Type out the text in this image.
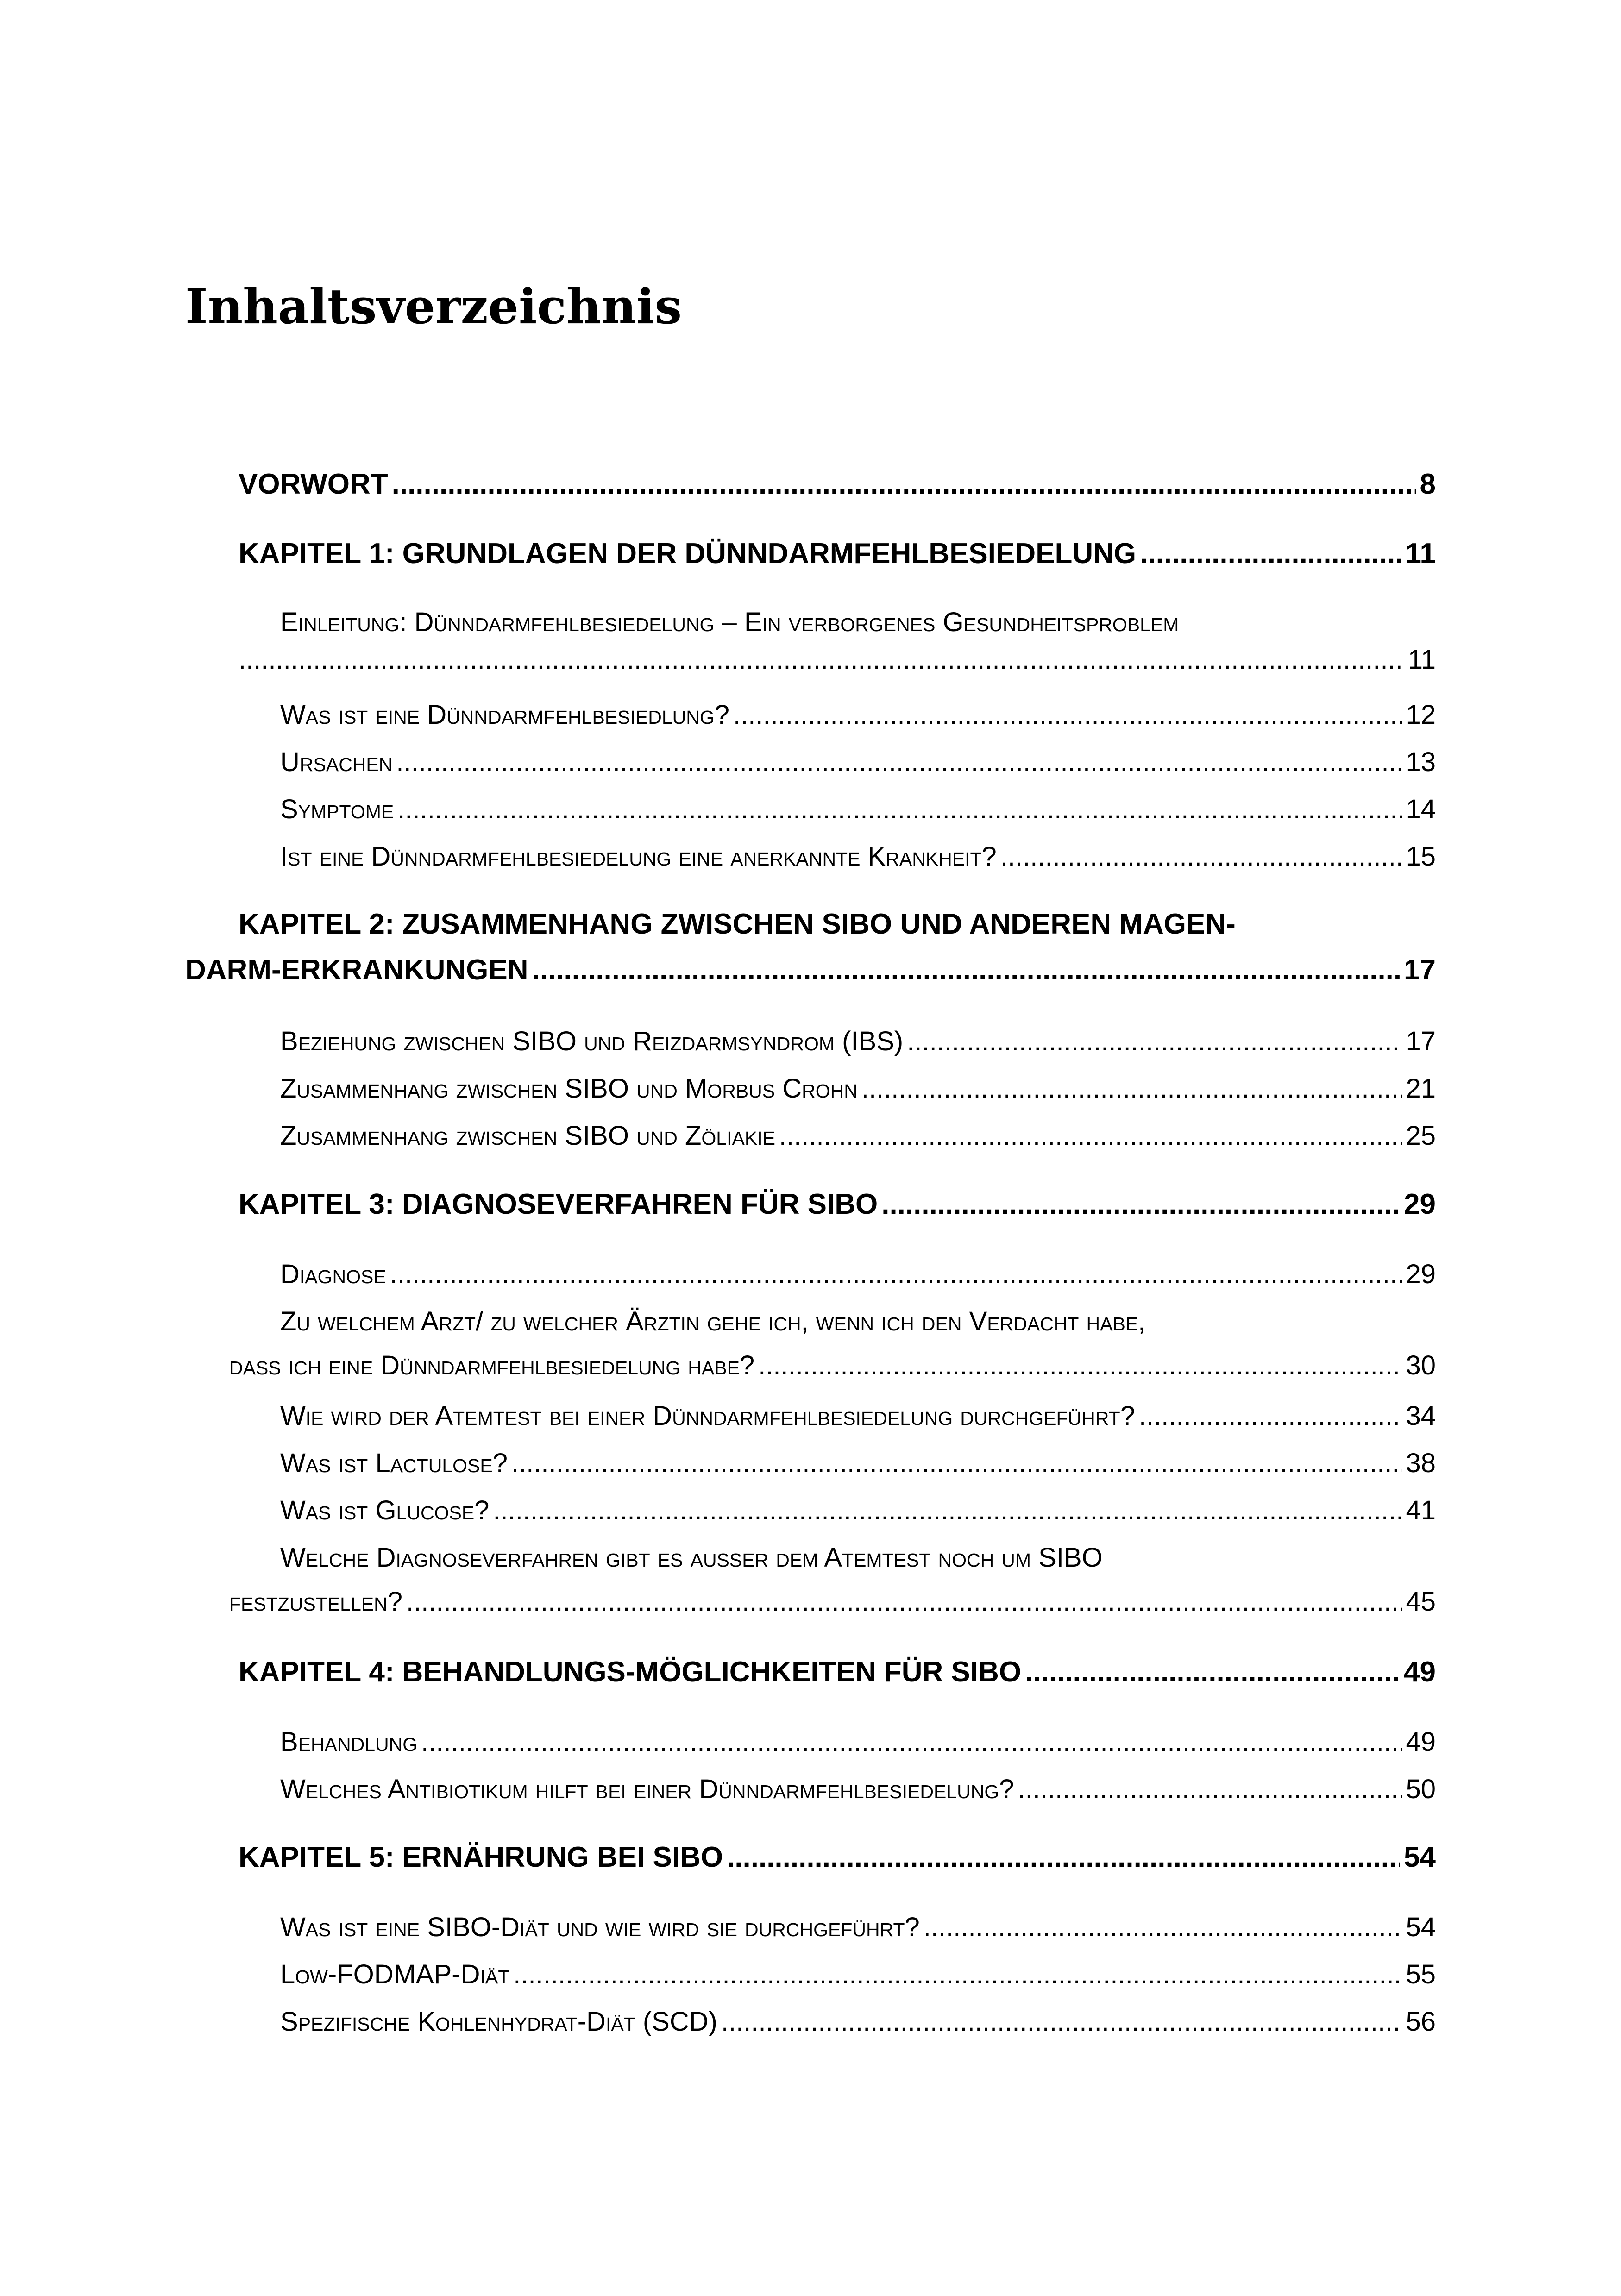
Inhaltsverzeichnis
VORWORT .....	8
KAPITEL 1: GRUNDLAGEN DER DÜNNDARMFEHLBESIEDELUNG .....	11
Einleitung: Dünndarmfehlbesiedelung – Ein verborgenes Gesundheitsproblem
.....
11
Was ist eine Dünndarmfehlbesiedlung? .....	12
Ursachen .....	13
Symptome .....	14
Ist eine Dünndarmfehlbesiedelung eine anerkannte Krankheit? .....	15
KAPITEL 2: ZUSAMMENHANG ZWISCHEN SIBO UND ANDEREN MAGEN-
DARM-ERKRANKUNGEN .....	17
Beziehung zwischen SIBO und Reizdarmsyndrom (IBS) .....	17
Zusammenhang zwischen SIBO und Morbus Crohn .....	21
Zusammenhang zwischen SIBO und Zöliakie .....	25
KAPITEL 3: DIAGNOSEVERFAHREN FÜR SIBO .....	29
Diagnose .....	29
Zu welchem Arzt/ zu welcher Ärztin gehe ich, wenn ich den Verdacht habe,
dass ich eine Dünndarmfehlbesiedelung habe? .....	30
Wie wird der Atemtest bei einer Dünndarmfehlbesiedelung durchgeführt? .....	34
Was ist Lactulose? .....	38
Was ist Glucose? .....	41
Welche Diagnoseverfahren gibt es außer dem Atemtest noch um SIBO
festzustellen? .....	45
KAPITEL 4: BEHANDLUNGS-MÖGLICHKEITEN FÜR SIBO .....	49
Behandlung .....	49
Welches Antibiotikum hilft bei einer Dünndarmfehlbesiedelung? .....	50
KAPITEL 5: ERNÄHRUNG BEI SIBO .....	54
Was ist eine SIBO-Diät und wie wird sie durchgeführt? .....	54
Low-FODMAP-Diät .....	55
Spezifische Kohlenhydrat-Diät (SCD) .....	56
